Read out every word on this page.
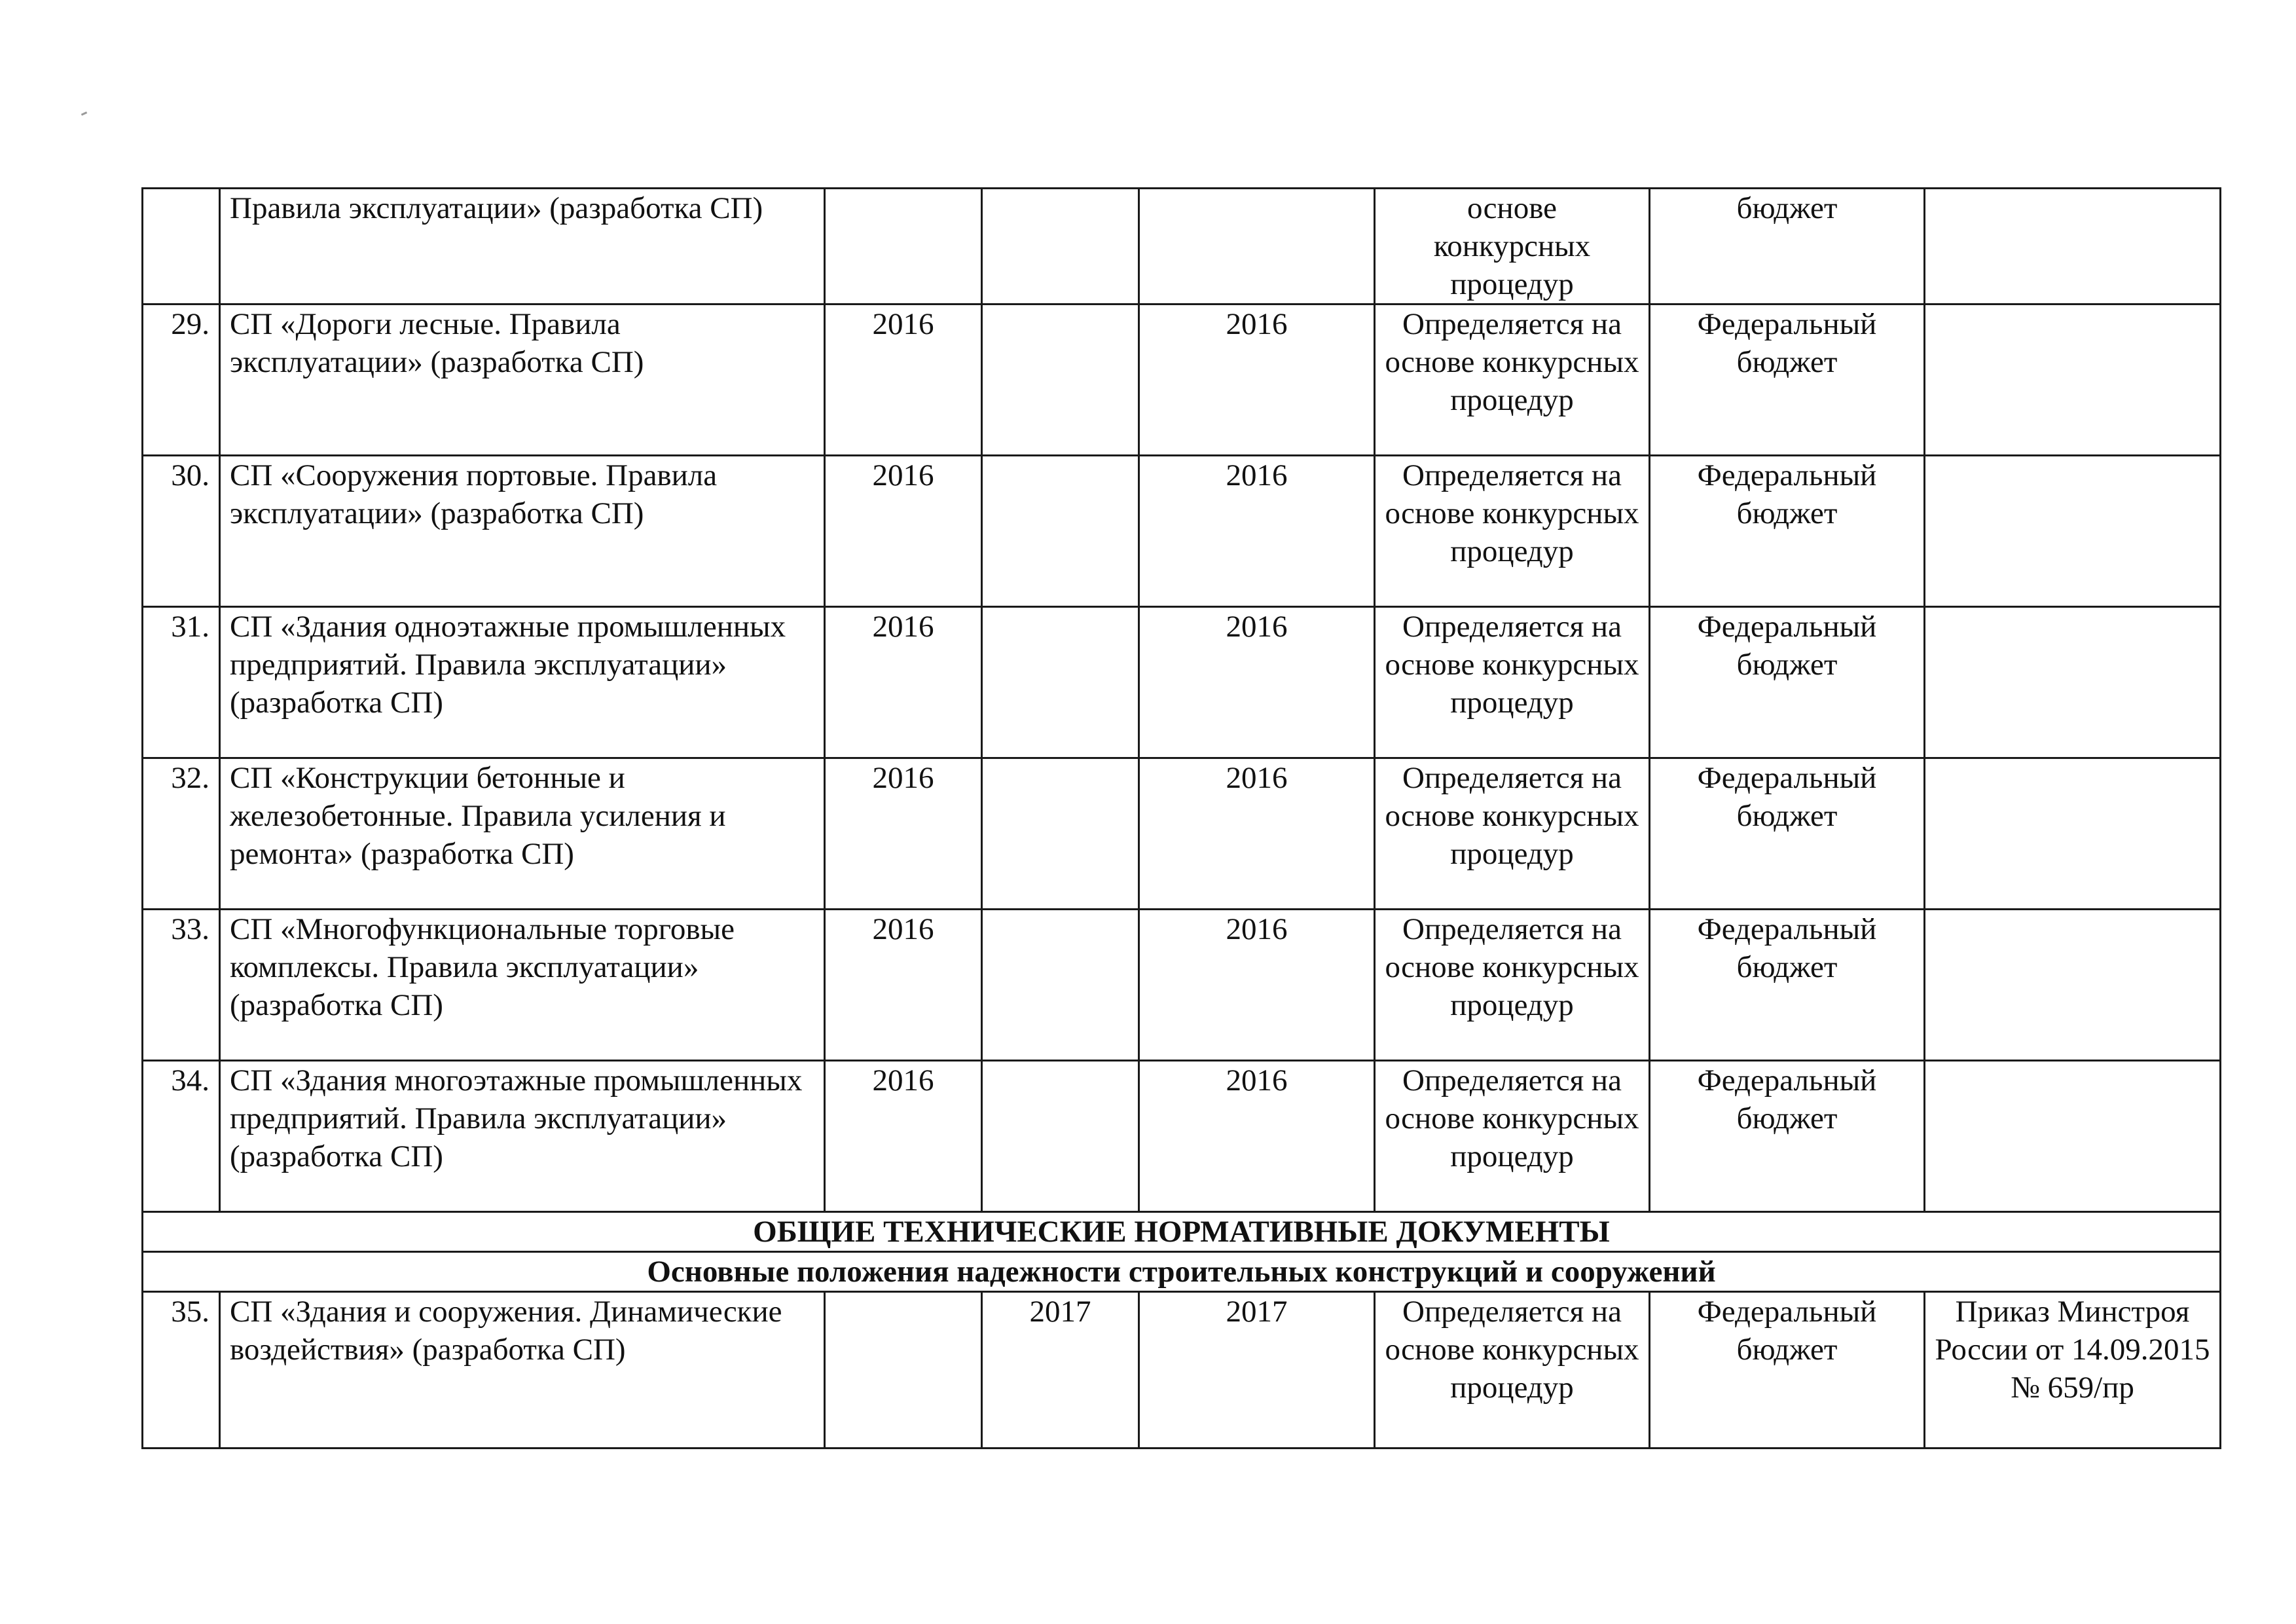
	Правила эксплуатации» (разработка СП)				основе
конкурсных
процедур	бюджет	
29.	СП «Дороги лесные. Правила эксплуатации» (разработка СП)	2016		2016	Определяется на основе конкурсных процедур	Федеральный бюджет	
30.	СП «Сооружения портовые. Правила эксплуатации» (разработка СП)	2016		2016	Определяется на основе конкурсных процедур	Федеральный бюджет	
31.	СП «Здания одноэтажные промышленных предприятий. Правила эксплуатации» (разработка СП)	2016		2016	Определяется на основе конкурсных процедур	Федеральный бюджет	
32.	СП «Конструкции бетонные и железобетонные. Правила усиления и ремонта» (разработка СП)	2016		2016	Определяется на основе конкурсных процедур	Федеральный бюджет	
33.	СП «Многофункциональные торговые комплексы. Правила эксплуатации» (разработка СП)	2016		2016	Определяется на основе конкурсных процедур	Федеральный бюджет	
34.	СП «Здания многоэтажные промышленных предприятий. Правила эксплуатации» (разработка СП)	2016		2016	Определяется на основе конкурсных процедур	Федеральный бюджет	
ОБЩИЕ ТЕХНИЧЕСКИЕ НОРМАТИВНЫЕ ДОКУМЕНТЫ							
Основные положения надежности строительных конструкций и сооружений							
35.	СП «Здания и сооружения. Динамические воздействия» (разработка СП)		2017	2017	Определяется на основе конкурсных процедур	Федеральный бюджет	Приказ Минстроя России от 14.09.2015 № 659/пр
